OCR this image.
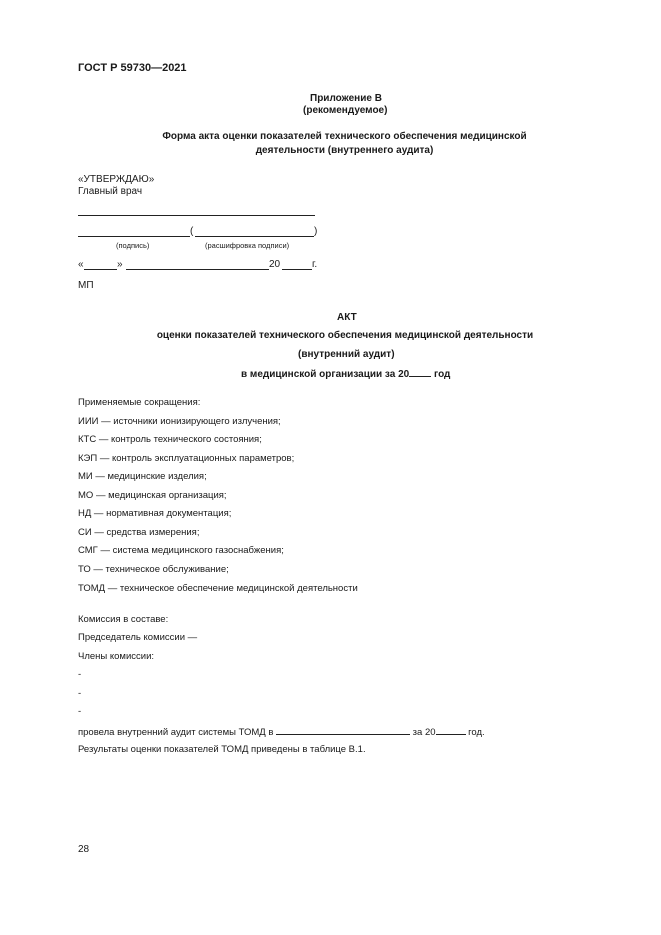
ГОСТ Р 59730—2021
Приложение В
(рекомендуемое)
Форма акта оценки показателей технического обеспечения медицинской
деятельности (внутреннего аудита)
«УТВЕРЖДАЮ»
Главный врач
(	)
(подпись)	(расшифровка подписи)
«	»	20	г.
МП
АКТ
оценки показателей технического обеспечения медицинской деятельности
(внутренний аудит)
в медицинской организации за 20 год
Применяемые сокращения:
ИИИ — источники ионизирующего излучения;
КТС — контроль технического состояния;
КЭП — контроль эксплуатационных параметров;
МИ — медицинские изделия;
МО — медицинская организация;
НД — нормативная документация;
СИ — средства измерения;
СМГ — система медицинского газоснабжения;
ТО — техническое обслуживание;
ТОМД — техническое обеспечение медицинской деятельности
Комиссия в составе:
Председатель комиссии —
Члены комиссии:
-
-
-
провела внутренний аудит системы ТОМД в	за 20	год.
Результаты оценки показателей ТОМД приведены в таблице В.1.
28
